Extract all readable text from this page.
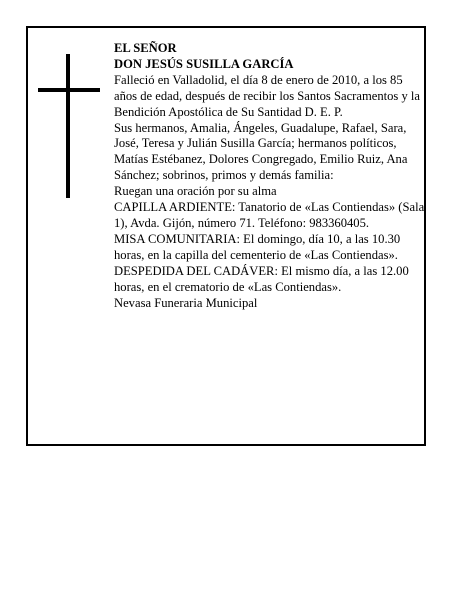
EL SEÑOR

DON JESÚS SUSILLA GARCÍA

Falleció en Valladolid, el día 8 de enero de 2010, a los 85 años de edad, después de recibir los Santos Sacramentos y la Bendición Apostólica de Su Santidad D. E. P.

Sus hermanos, Amalia, Ángeles, Guadalupe, Rafael, Sara, José, Teresa y Julián Susilla García; hermanos políticos, Matías Estébanez, Dolores Congregado, Emilio Ruiz, Ana Sánchez; sobrinos, primos y demás familia:

Ruegan una oración por su alma

CAPILLA ARDIENTE: Tanatorio de «Las Contiendas» (Sala 1), Avda. Gijón, número 71. Teléfono: 983360405.

MISA COMUNITARIA: El domingo, día 10, a las 10.30 horas, en la capilla del cementerio de «Las Contiendas».

DESPEDIDA DEL CADÁVER: El mismo día, a las 12.00 horas, en el crematorio de «Las Contiendas».

Nevasa Funeraria Municipal
